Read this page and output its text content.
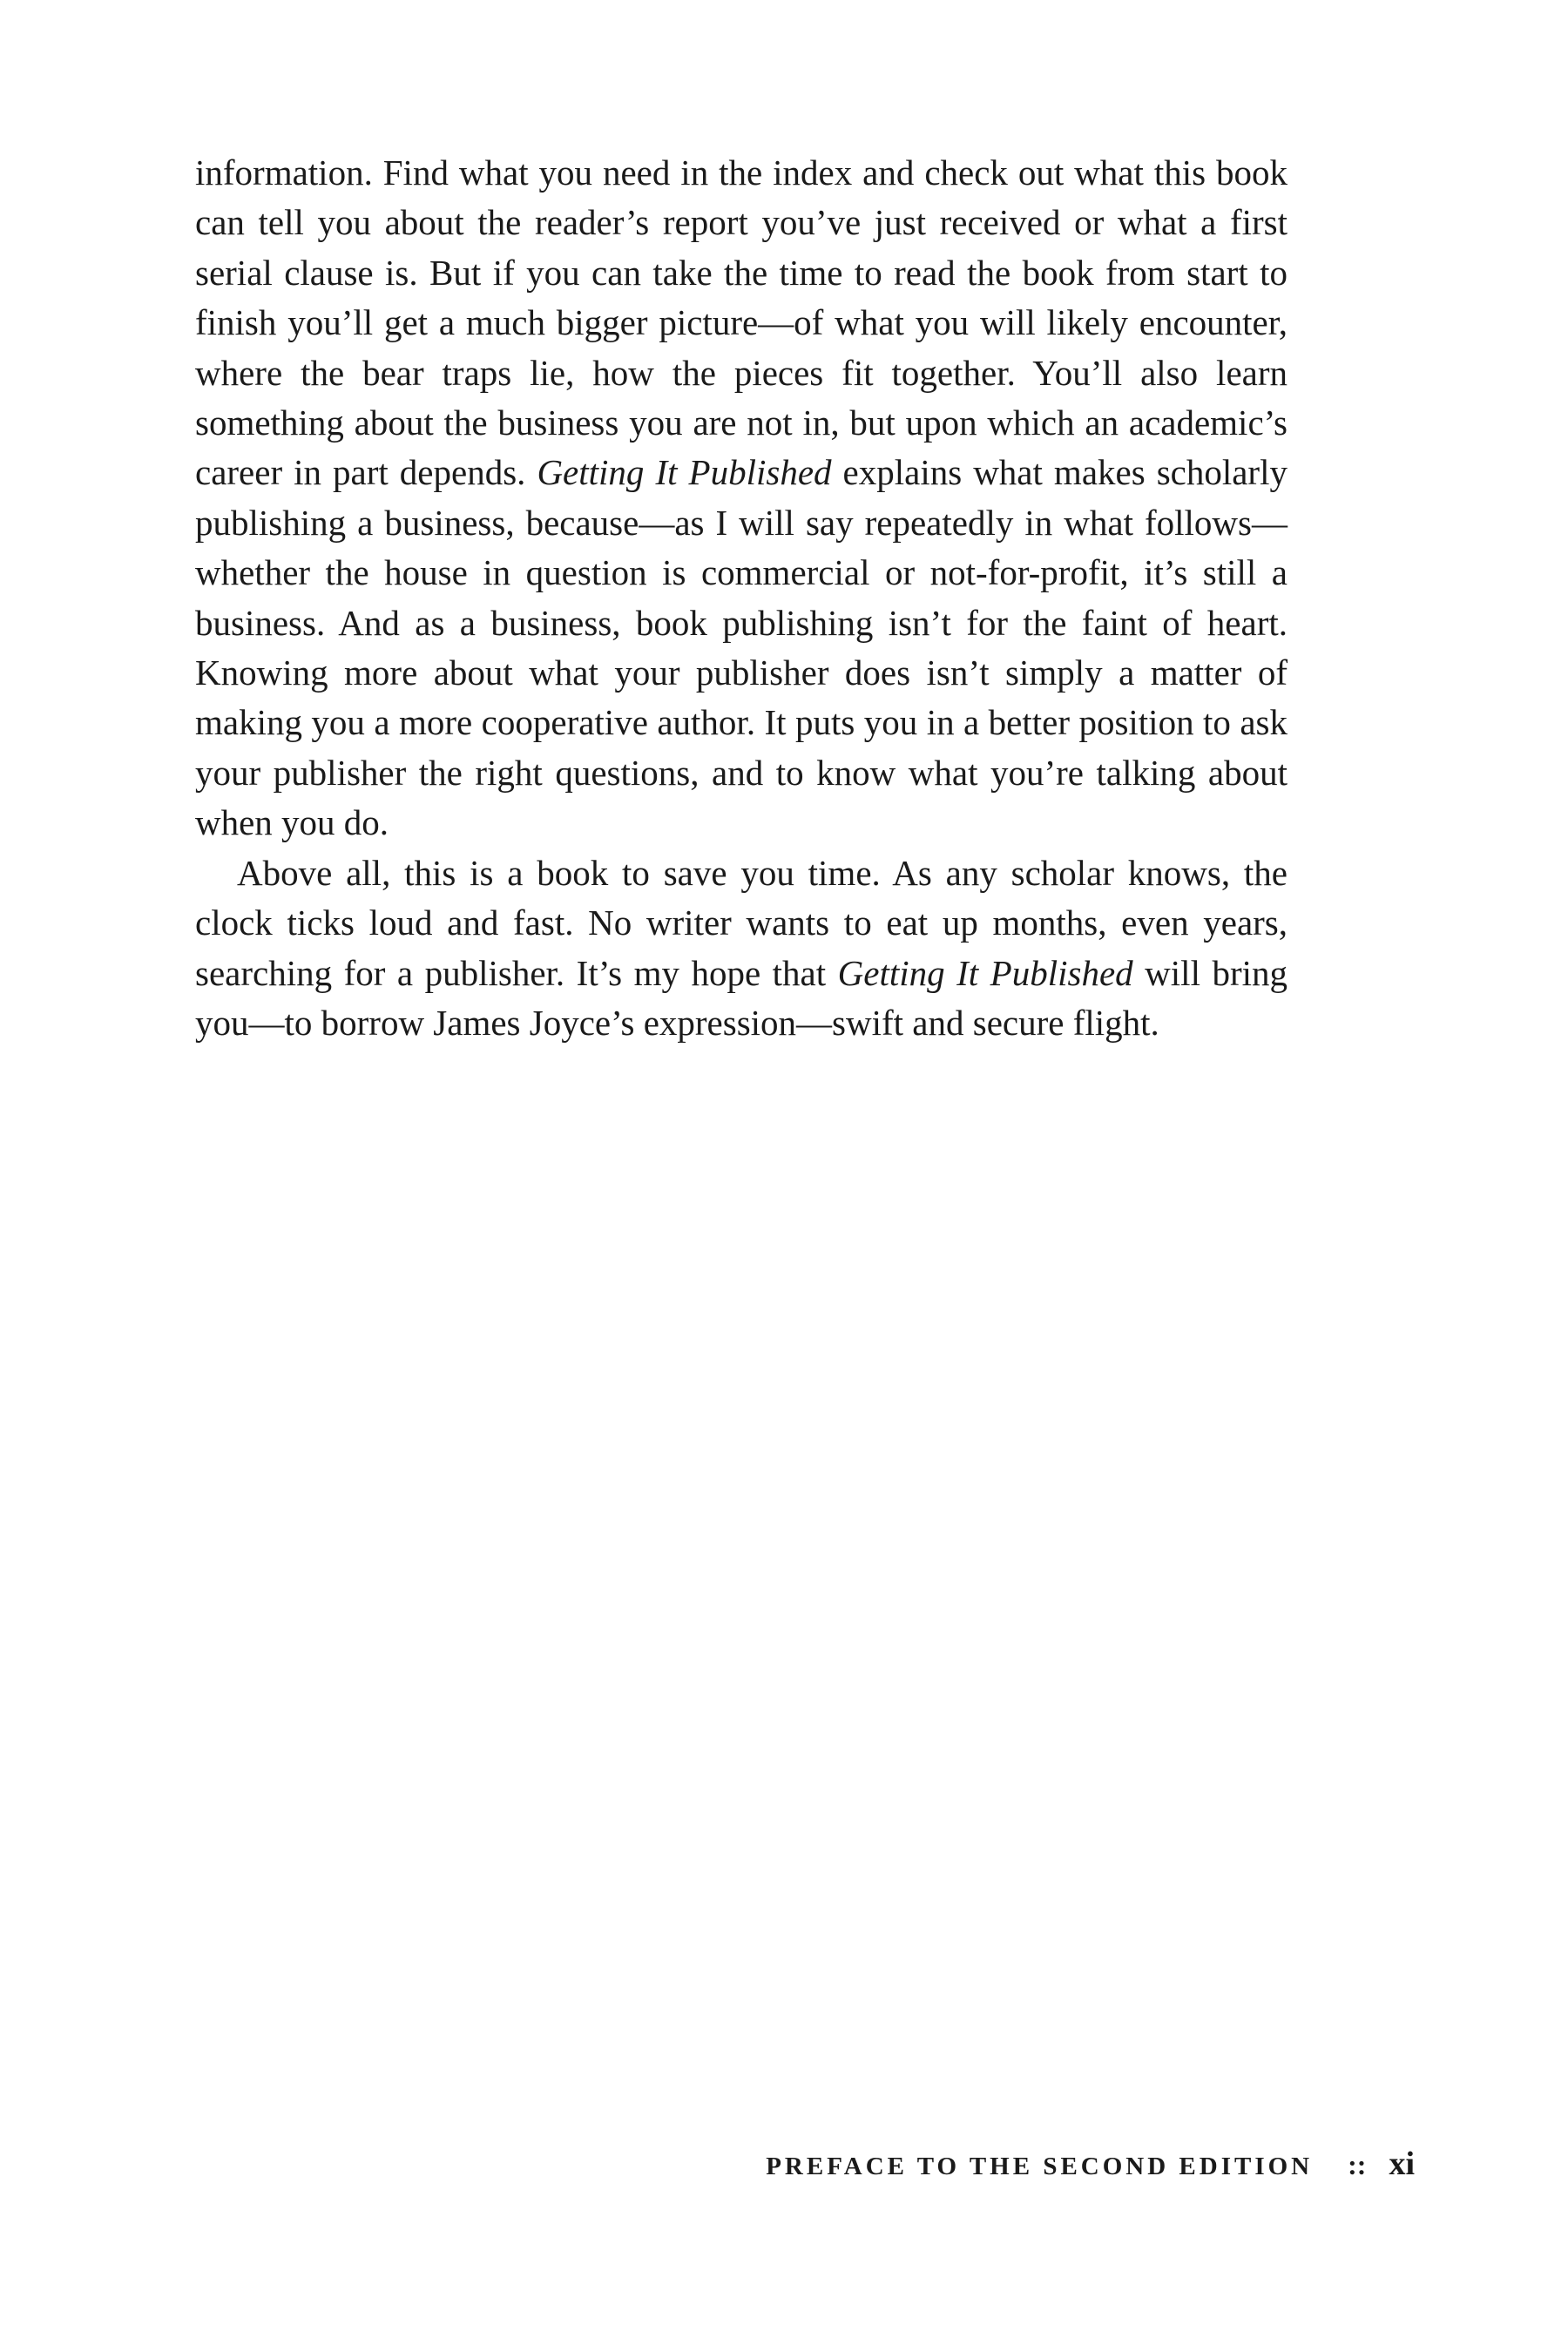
information. Find what you need in the index and check out what this book can tell you about the reader’s report you’ve just received or what a first serial clause is. But if you can take the time to read the book from start to finish you’ll get a much bigger picture—of what you will likely encounter, where the bear traps lie, how the pieces fit together. You’ll also learn something about the business you are not in, but upon which an academic’s career in part depends. Getting It Published explains what makes scholarly publishing a business, because—as I will say repeatedly in what follows—whether the house in question is commercial or not-for-profit, it’s still a business. And as a business, book publishing isn’t for the faint of heart. Knowing more about what your publisher does isn’t simply a matter of making you a more cooperative author. It puts you in a better position to ask your publisher the right questions, and to know what you’re talking about when you do.

Above all, this is a book to save you time. As any scholar knows, the clock ticks loud and fast. No writer wants to eat up months, even years, searching for a publisher. It’s my hope that Getting It Published will bring you—to borrow James Joyce’s expression—swift and secure flight.

PREFACE TO THE SECOND EDITION :: xi
